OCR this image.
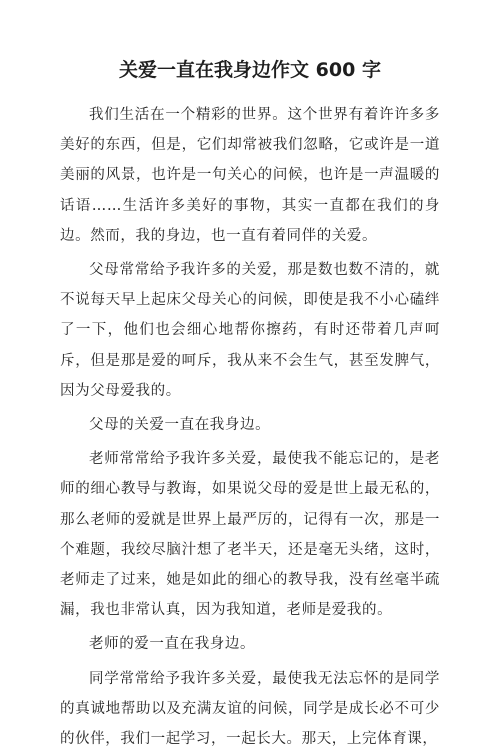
关爱一直在我身边作文 600 字

我们生活在一个精彩的世界。这个世界有着许许多多美好的东西，但是，它们却常被我们忽略，它或许是一道美丽的风景，也许是一句关心的问候，也许是一声温暖的话语……生活许多美好的事物，其实一直都在我们的身边。然而，我的身边，也一直有着同伴的关爱。

父母常常给予我许多的关爱，那是数也数不清的，就不说每天早上起床父母关心的问候，即使是我不小心磕绊了一下，他们也会细心地帮你擦药，有时还带着几声呵斥，但是那是爱的呵斥，我从来不会生气，甚至发脾气，因为父母爱我的。

父母的关爱一直在我身边。

老师常常给予我许多关爱，最使我不能忘记的，是老师的细心教导与教诲，如果说父母的爱是世上最无私的，那么老师的爱就是世界上最严厉的，记得有一次，那是一个难题，我绞尽脑汁想了老半天，还是毫无头绪，这时，老师走了过来，她是如此的细心的教导我，没有丝毫半疏漏，我也非常认真，因为我知道，老师是爱我的。

老师的爱一直在我身边。

同学常常给予我许多关爱，最使我无法忘怀的是同学的真诚地帮助以及充满友谊的问候，同学是成长必不可少的伙伴，我们一起学习，一起长大。那天，上完体育课，
